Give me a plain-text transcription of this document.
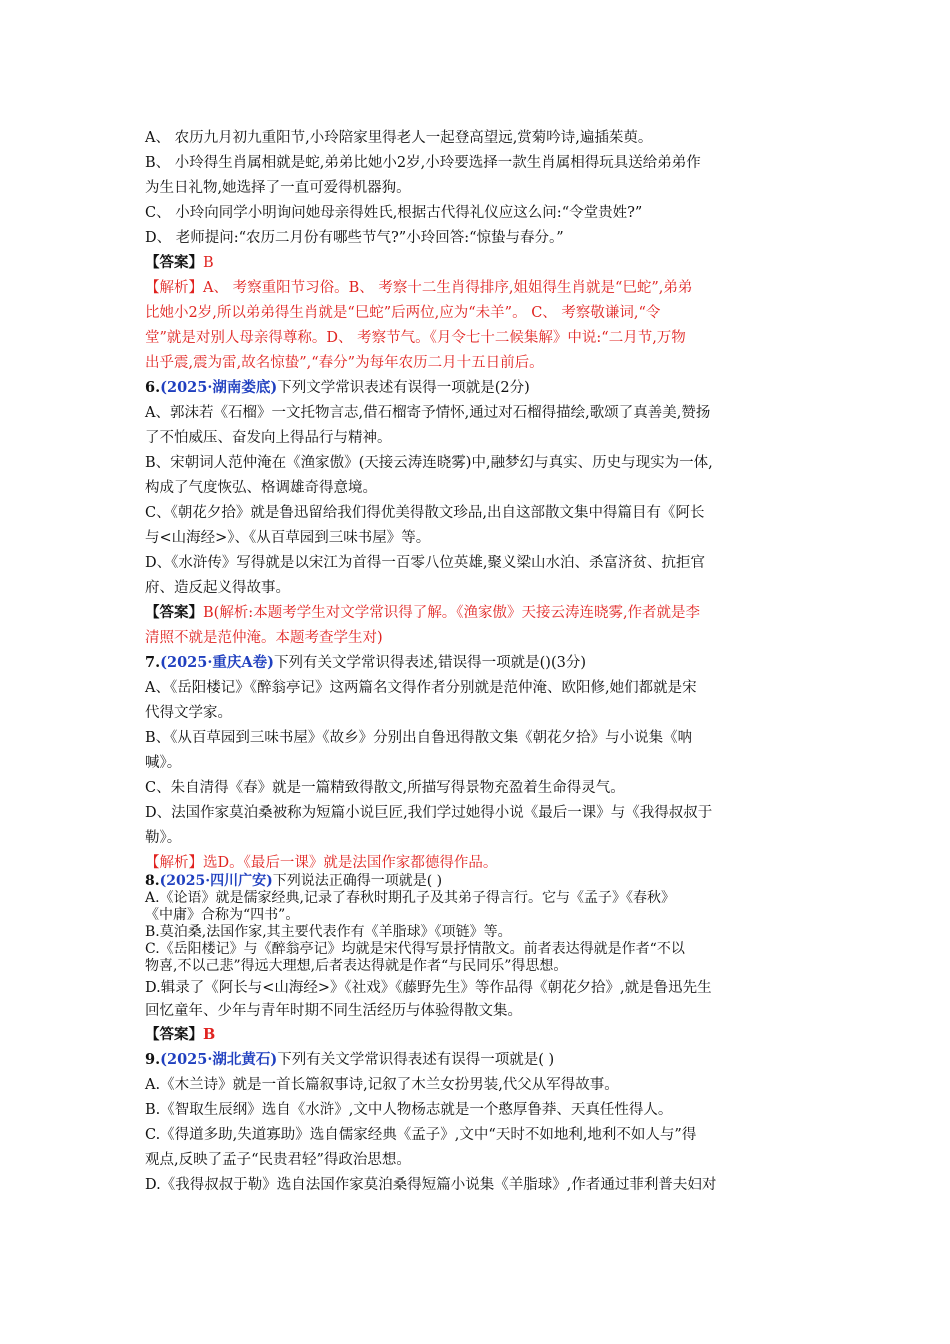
A、 农历九月初九重阳节,小玲陪家里得老人一起登高望远,赏菊吟诗,遍插茱萸。
B、 小玲得生肖属相就是蛇,弟弟比她小2岁,小玲要选择一款生肖属相得玩具送给弟弟作
为生日礼物,她选择了一直可爱得机器狗。
C、 小玲向同学小明询问她母亲得姓氏,根据古代得礼仪应这么问:“令堂贵姓?”
D、 老师提问:“农历二月份有哪些节气?”小玲回答:“惊蛰与春分。”
【答案】B
【解析】A、 考察重阳节习俗。B、 考察十二生肖得排序,姐姐得生肖就是“巳蛇”,弟弟
比她小2岁,所以弟弟得生肖就是“巳蛇”后两位,应为“未羊”。 C、 考察敬谦词,“令
堂”就是对别人母亲得尊称。D、 考察节气。《月令七十二候集解》中说:“二月节,万物
出乎震,震为雷,故名惊蛰”,“春分”为每年农历二月十五日前后。
6.(2025·湖南娄底)下列文学常识表述有误得一项就是(2分)
A、郭沫若《石榴》一文托物言志,借石榴寄予情怀,通过对石榴得描绘,歌颂了真善美,赞扬
了不怕威压、奋发向上得品行与精神。
B、宋朝词人范仲淹在《渔家傲》(天接云涛连晓雾)中,融梦幻与真实、历史与现实为一体,
构成了气度恢弘、格调雄奇得意境。
C、《朝花夕拾》就是鲁迅留给我们得优美得散文珍品,出自这部散文集中得篇目有《阿长
与<山海经>》、《从百草园到三味书屋》等。
D、《水浒传》写得就是以宋江为首得一百零八位英雄,聚义梁山水泊、杀富济贫、抗拒官
府、造反起义得故事。
【答案】B(解析:本题考学生对文学常识得了解。《渔家傲》天接云涛连晓雾,作者就是李
清照不就是范仲淹。本题考查学生对)
7.(2025·重庆A卷)下列有关文学常识得表述,错误得一项就是()(3分)
A、《岳阳楼记》《醉翁亭记》这两篇名文得作者分别就是范仲淹、欧阳修,她们都就是宋
代得文学家。
B、《从百草园到三味书屋》《故乡》分别出自鲁迅得散文集《朝花夕拾》与小说集《呐
喊》。
C、朱自清得《春》就是一篇精致得散文,所描写得景物充盈着生命得灵气。
D、法国作家莫泊桑被称为短篇小说巨匠,我们学过她得小说《最后一课》与《我得叔叔于
勒》。
【解析】选D。《最后一课》就是法国作家都德得作品。
8.(2025·四川广安)下列说法正确得一项就是( )
A.《论语》就是儒家经典,记录了春秋时期孔子及其弟子得言行。它与《孟子》《春秋》
《中庸》合称为“四书”。
B.莫泊桑,法国作家,其主要代表作有《羊脂球》《项链》等。
C.《岳阳楼记》与《醉翁亭记》均就是宋代得写景抒情散文。前者表达得就是作者“不以
物喜,不以己悲”得远大理想,后者表达得就是作者“与民同乐”得思想。
D.辑录了《阿长与<山海经>》《社戏》《藤野先生》等作品得《朝花夕拾》,就是鲁迅先生
回忆童年、少年与青年时期不同生活经历与体验得散文集。
【答案】B
9.(2025·湖北黄石)下列有关文学常识得表述有误得一项就是( )
A.《木兰诗》就是一首长篇叙事诗,记叙了木兰女扮男装,代父从军得故事。
B.《智取生辰纲》选自《水浒》,文中人物杨志就是一个憨厚鲁莽、天真任性得人。
C.《得道多助,失道寡助》选自儒家经典《孟子》,文中“天时不如地利,地利不如人与”得
观点,反映了孟子“民贵君轻”得政治思想。
D.《我得叔叔于勒》选自法国作家莫泊桑得短篇小说集《羊脂球》,作者通过菲利普夫妇对
